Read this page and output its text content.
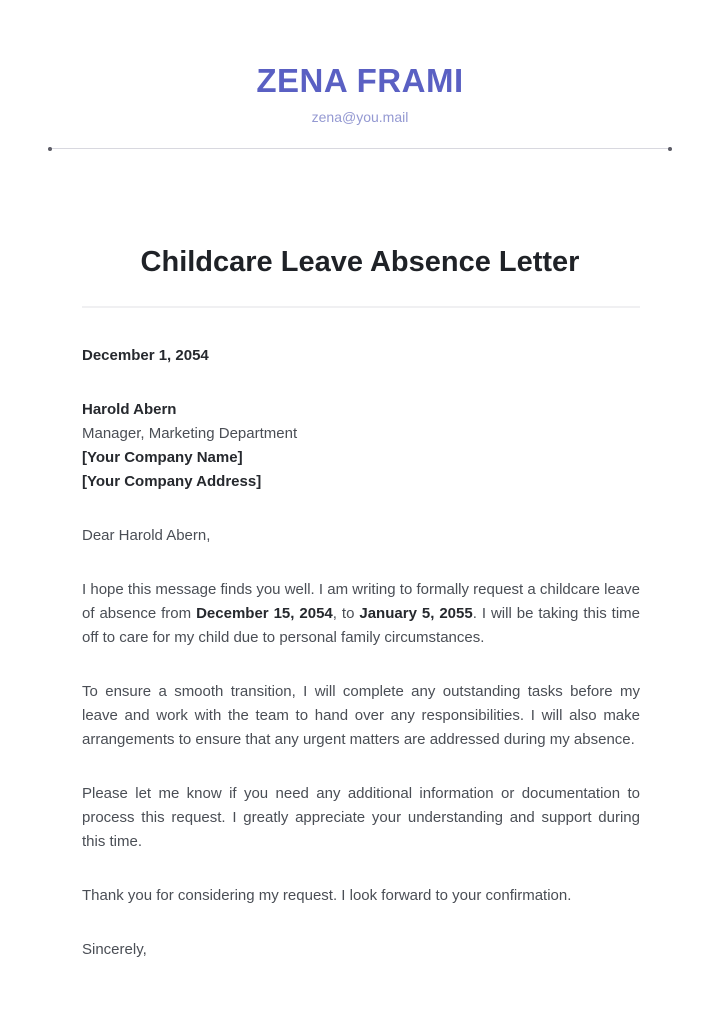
ZENA FRAMI
zena@you.mail
Childcare Leave Absence Letter
December 1, 2054
Harold Abern
Manager, Marketing Department
[Your Company Name]
[Your Company Address]
Dear Harold Abern,

I hope this message finds you well. I am writing to formally request a childcare leave of absence from December 15, 2054, to January 5, 2055. I will be taking this time off to care for my child due to personal family circumstances.

To ensure a smooth transition, I will complete any outstanding tasks before my leave and work with the team to hand over any responsibilities. I will also make arrangements to ensure that any urgent matters are addressed during my absence.

Please let me know if you need any additional information or documentation to process this request. I greatly appreciate your understanding and support during this time.

Thank you for considering my request. I look forward to your confirmation.

Sincerely,
